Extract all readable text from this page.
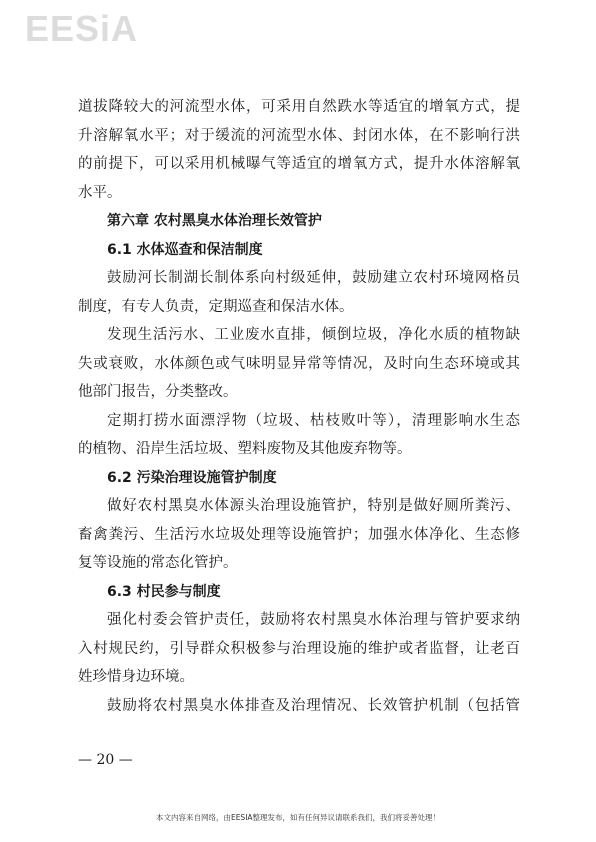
EESiA
道拔降较大的河流型水体，可采用自然跌水等适宜的增氧方式，提
升溶解氧水平；对于缓流的河流型水体、封闭水体，在不影响行洪
的前提下，可以采用机械曝气等适宜的增氧方式，提升水体溶解氧
水平。
第六章 农村黑臭水体治理长效管护
6.1 水体巡查和保洁制度
鼓励河长制湖长制体系向村级延伸，鼓励建立农村环境网格员
制度，有专人负责，定期巡查和保洁水体。
发现生活污水、工业废水直排，倾倒垃圾，净化水质的植物缺
失或衰败，水体颜色或气味明显异常等情况，及时向生态环境或其
他部门报告，分类整改。
定期打捞水面漂浮物（垃圾、枯枝败叶等），清理影响水生态
的植物、沿岸生活垃圾、塑料废物及其他废弃物等。
6.2 污染治理设施管护制度
做好农村黑臭水体源头治理设施管护，特别是做好厕所粪污、
畜禽粪污、生活污水垃圾处理等设施管护；加强水体净化、生态修
复等设施的常态化管护。
6.3 村民参与制度
强化村委会管护责任，鼓励将农村黑臭水体治理与管护要求纳
入村规民约，引导群众积极参与治理设施的维护或者监督，让老百
姓珍惜身边环境。
鼓励将农村黑臭水体排查及治理情况、长效管护机制（包括管
— 20 —
本文内容来自网络，由EESIA整理发布，如有任何异议请联系我们，我们将妥善处理！
